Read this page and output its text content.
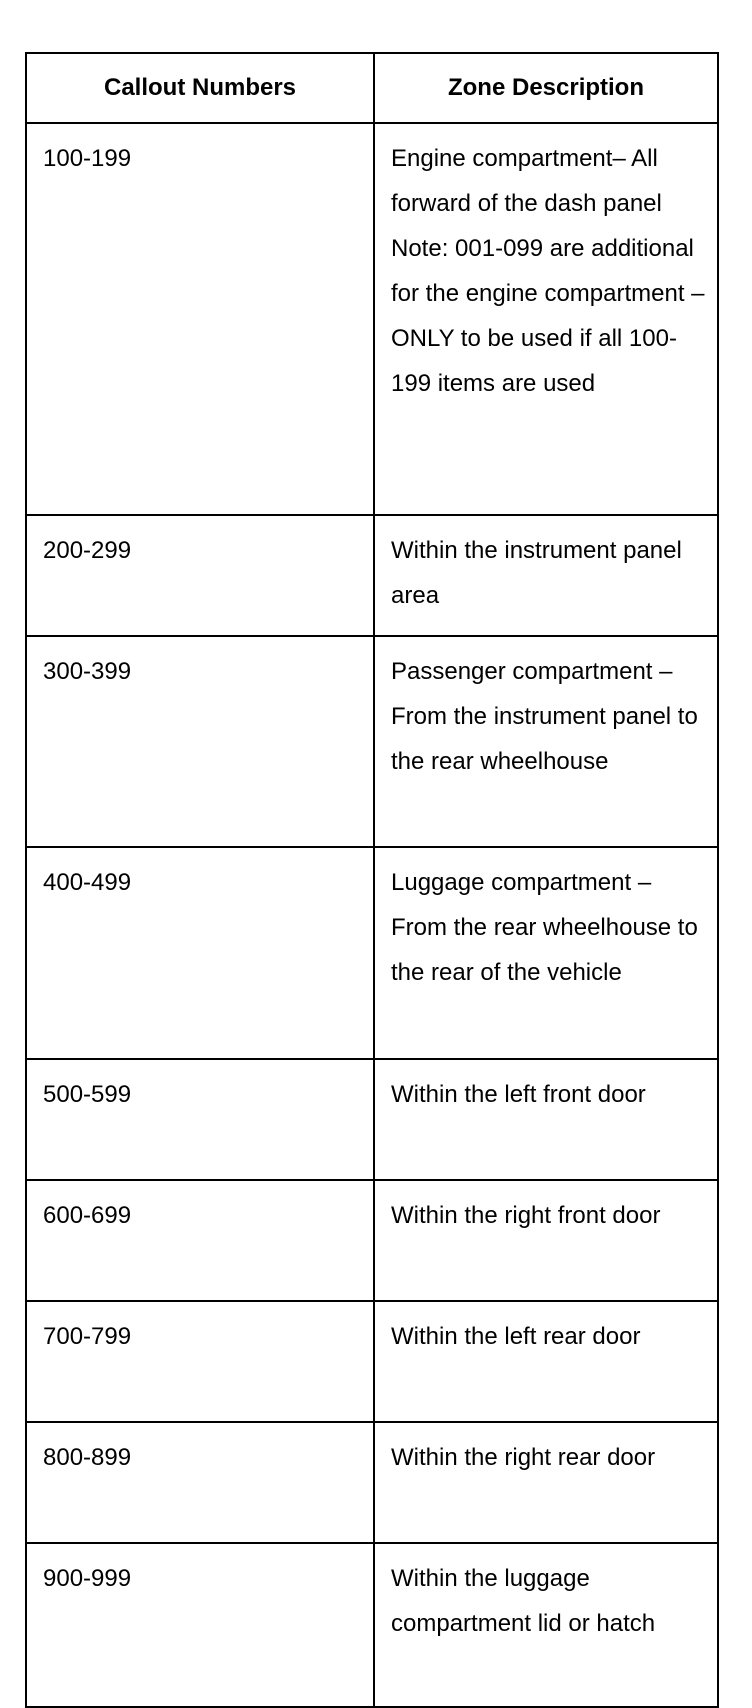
Callout Numbers	Zone Description
100-199	Engine compartment– All forward of the dash panel Note: 001-099 are additional for the engine compartment – ONLY to be used if all 100-199 items are used
200-299	Within the instrument panel area
300-399	Passenger compartment – From the instrument panel to the rear wheelhouse
400-499	Luggage compartment – From the rear wheelhouse to the rear of the vehicle
500-599	Within the left front door
600-699	Within the right front door
700-799	Within the left rear door
800-899	Within the right rear door
900-999	Within the luggage compartment lid or hatch
